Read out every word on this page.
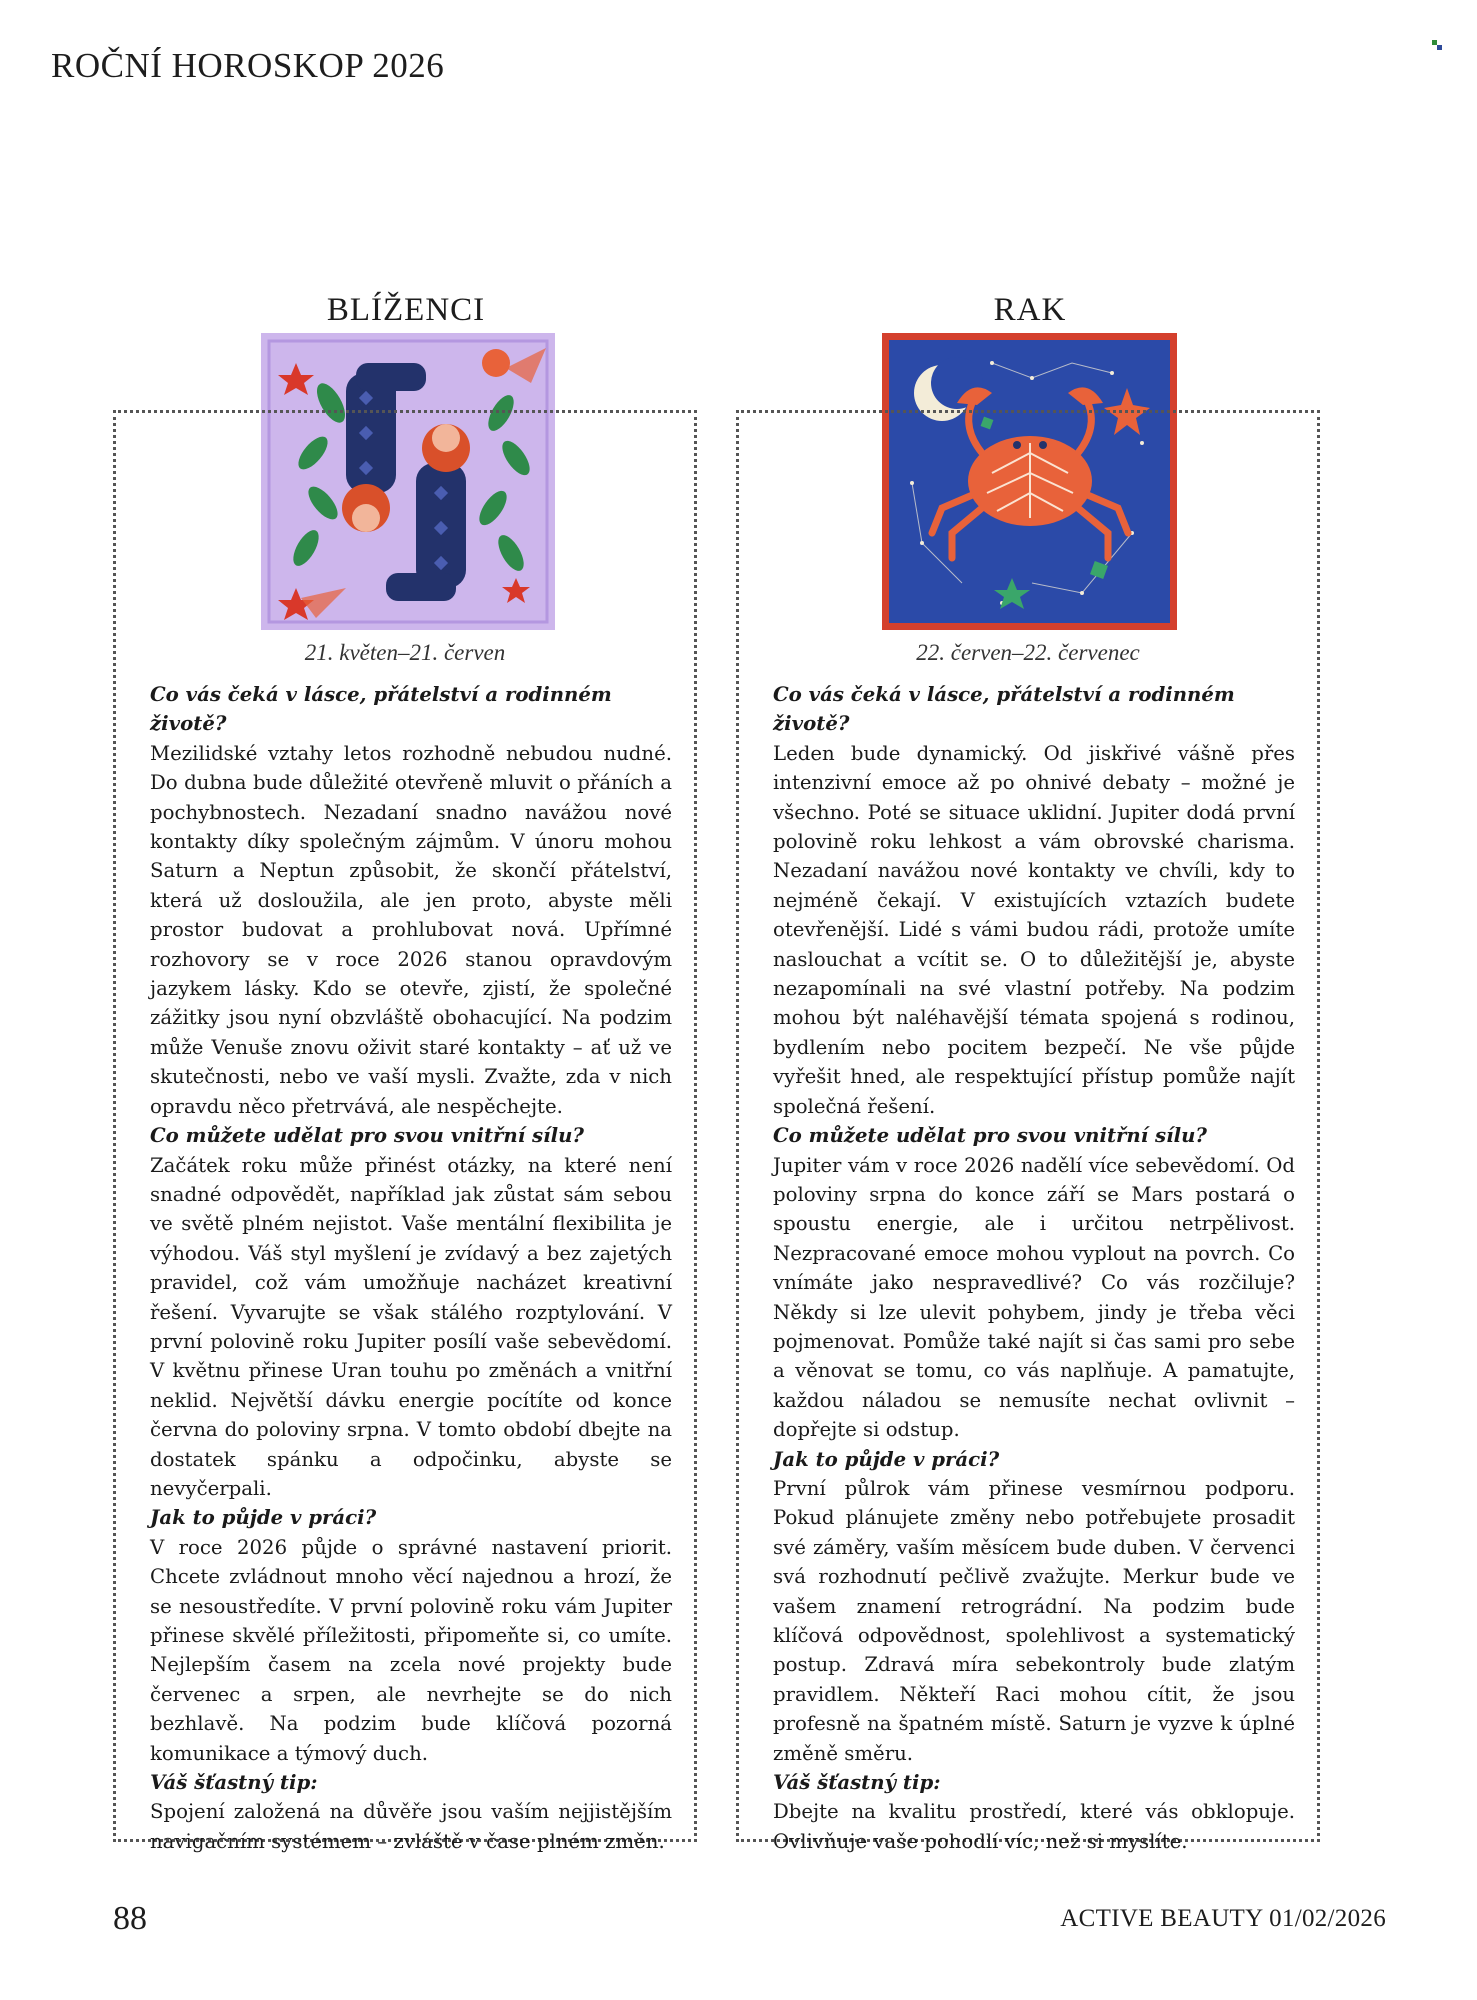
ROČNÍ HOROSKOP 2026
BLÍŽENCI
21. květen–21. červen

Co vás čeká v lásce, přátelství a rodinném životě?

Mezilidské vztahy letos rozhodně nebudou nudné. Do dubna bude důležité otevřeně mluvit o přáních a pochybnostech. Nezadaní snadno navážou nové kontakty díky společným zájmům. V únoru mohou Saturn a Neptun způsobit, že skončí přátelství, která už dosloužila, ale jen proto, abyste měli prostor budovat a prohlubovat nová. Upřímné rozhovory se v roce 2026 stanou opravdovým jazykem lásky. Kdo se otevře, zjistí, že společné zážitky jsou nyní obzvláště obohacující. Na podzim může Venuše znovu oživit staré kontakty – ať už ve skutečnosti, nebo ve vaší mysli. Zvažte, zda v nich opravdu něco přetrvává, ale nespěchejte.

Co můžete udělat pro svou vnitřní sílu?

Začátek roku může přinést otázky, na které není snadné odpovědět, například jak zůstat sám sebou ve světě plném nejistot. Vaše mentální flexibilita je výhodou. Váš styl myšlení je zvídavý a bez zajetých pravidel, což vám umožňuje nacházet kreativní řešení. Vyvarujte se však stálého rozptylování. V první polovině roku Jupiter posílí vaše sebevědomí. V květnu přinese Uran touhu po změnách a vnitřní neklid. Největší dávku energie pocítíte od konce června do poloviny srpna. V tomto období dbejte na dostatek spánku a odpočinku, abyste se nevyčerpali.

Jak to půjde v práci?

V roce 2026 půjde o správné nastavení priorit. Chcete zvládnout mnoho věcí najednou a hrozí, že se nesoustředíte. V první polovině roku vám Jupiter přinese skvělé příležitosti, připomeňte si, co umíte. Nejlepším časem na zcela nové projekty bude červenec a srpen, ale nevrhejte se do nich bezhlavě. Na podzim bude klíčová pozorná komunikace a týmový duch.

Váš šťastný tip:

Spojení založená na důvěře jsou vaším nejjistějším navigačním systémem – zvláště v čase plném změn.

RAK
22. červen–22. červenec

Co vás čeká v lásce, přátelství a rodinném životě?

Leden bude dynamický. Od jiskřivé vášně přes intenzivní emoce až po ohnivé debaty – možné je všechno. Poté se situace uklidní. Jupiter dodá první polovině roku lehkost a vám obrovské charisma. Nezadaní navážou nové kontakty ve chvíli, kdy to nejméně čekají. V existujících vztazích budete otevřenější. Lidé s vámi budou rádi, protože umíte naslouchat a vcítit se. O to důležitější je, abyste nezapomínali na své vlastní potřeby. Na podzim mohou být naléhavější témata spojená s rodinou, bydlením nebo pocitem bezpečí. Ne vše půjde vyřešit hned, ale respektující přístup pomůže najít společná řešení.

Co můžete udělat pro svou vnitřní sílu?

Jupiter vám v roce 2026 nadělí více sebevědomí. Od poloviny srpna do konce září se Mars postará o spoustu energie, ale i určitou netrpělivost. Nezpracované emoce mohou vyplout na povrch. Co vnímáte jako nespravedlivé? Co vás rozčiluje? Někdy si lze ulevit pohybem, jindy je třeba věci pojmenovat. Pomůže také najít si čas sami pro sebe a věnovat se tomu, co vás naplňuje. A pamatujte, každou náladou se nemusíte nechat ovlivnit – dopřejte si odstup.

Jak to půjde v práci?

První půlrok vám přinese vesmírnou podporu. Pokud plánujete změny nebo potřebujete prosadit své záměry, vaším měsícem bude duben. V červenci svá rozhodnutí pečlivě zvažujte. Merkur bude ve vašem znamení retrográdní. Na podzim bude klíčová odpovědnost, spolehlivost a systematický postup. Zdravá míra sebekontroly bude zlatým pravidlem. Někteří Raci mohou cítit, že jsou profesně na špatném místě. Saturn je vyzve k úplné změně směru.

Váš šťastný tip:

Dbejte na kvalitu prostředí, které vás obklopuje. Ovlivňuje vaše pohodlí víc, než si myslíte.

88	ACTIVE BEAUTY 01/02/2026
